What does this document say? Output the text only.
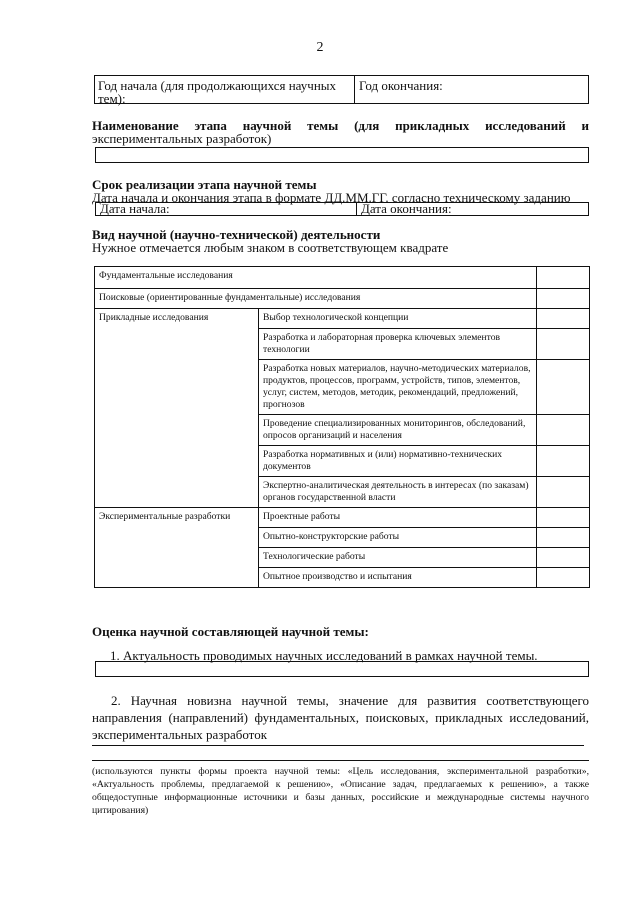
2
Год начала (для продолжающихся научных тем):
Год окончания:
Наименование этапа научной темы (для прикладных исследований и
экспериментальных разработок)
Срок реализации этапа научной темы
Дата начала и окончания этапа в формате ДД.ММ.ГГ. согласно техническому заданию
Дата начала:	Дата окончания:
Вид научной (научно-технической) деятельности
Нужное отмечается любым знаком в соответствующем квадрате
Фундаментальные исследования		
Поисковые (ориентированные фундаментальные) исследования		
Прикладные исследования	Выбор технологической концепции	
	Разработка и лабораторная проверка ключевых элементов технологии	
	Разработка новых материалов, научно-методических материалов, продуктов, процессов, программ, устройств, типов, элементов, услуг, систем, методов, методик, рекомендаций, предложений, прогнозов	
	Проведение специализированных мониторингов, обследований, опросов организаций и населения	
	Разработка нормативных и (или) нормативно-технических документов	
	Экспертно-аналитическая деятельность в интересах (по заказам) органов государственной власти	
Экспериментальные разработки	Проектные работы	
	Опытно-конструкторские работы	
	Технологические работы	
	Опытное производство и испытания	
Оценка научной составляющей научной темы:
1. Актуальность проводимых научных исследований в рамках научной темы.
2. Научная новизна научной темы, значение для развития соответствующего направления (направлений) фундаментальных, поисковых, прикладных исследований, экспериментальных разработок
(используются пункты формы проекта научной темы: «Цель исследования, экспериментальной разработки», «Актуальность проблемы, предлагаемой к решению», «Описание задач, предлагаемых к решению», а также общедоступные информационные источники и базы данных, российские и международные системы научного цитирования)
